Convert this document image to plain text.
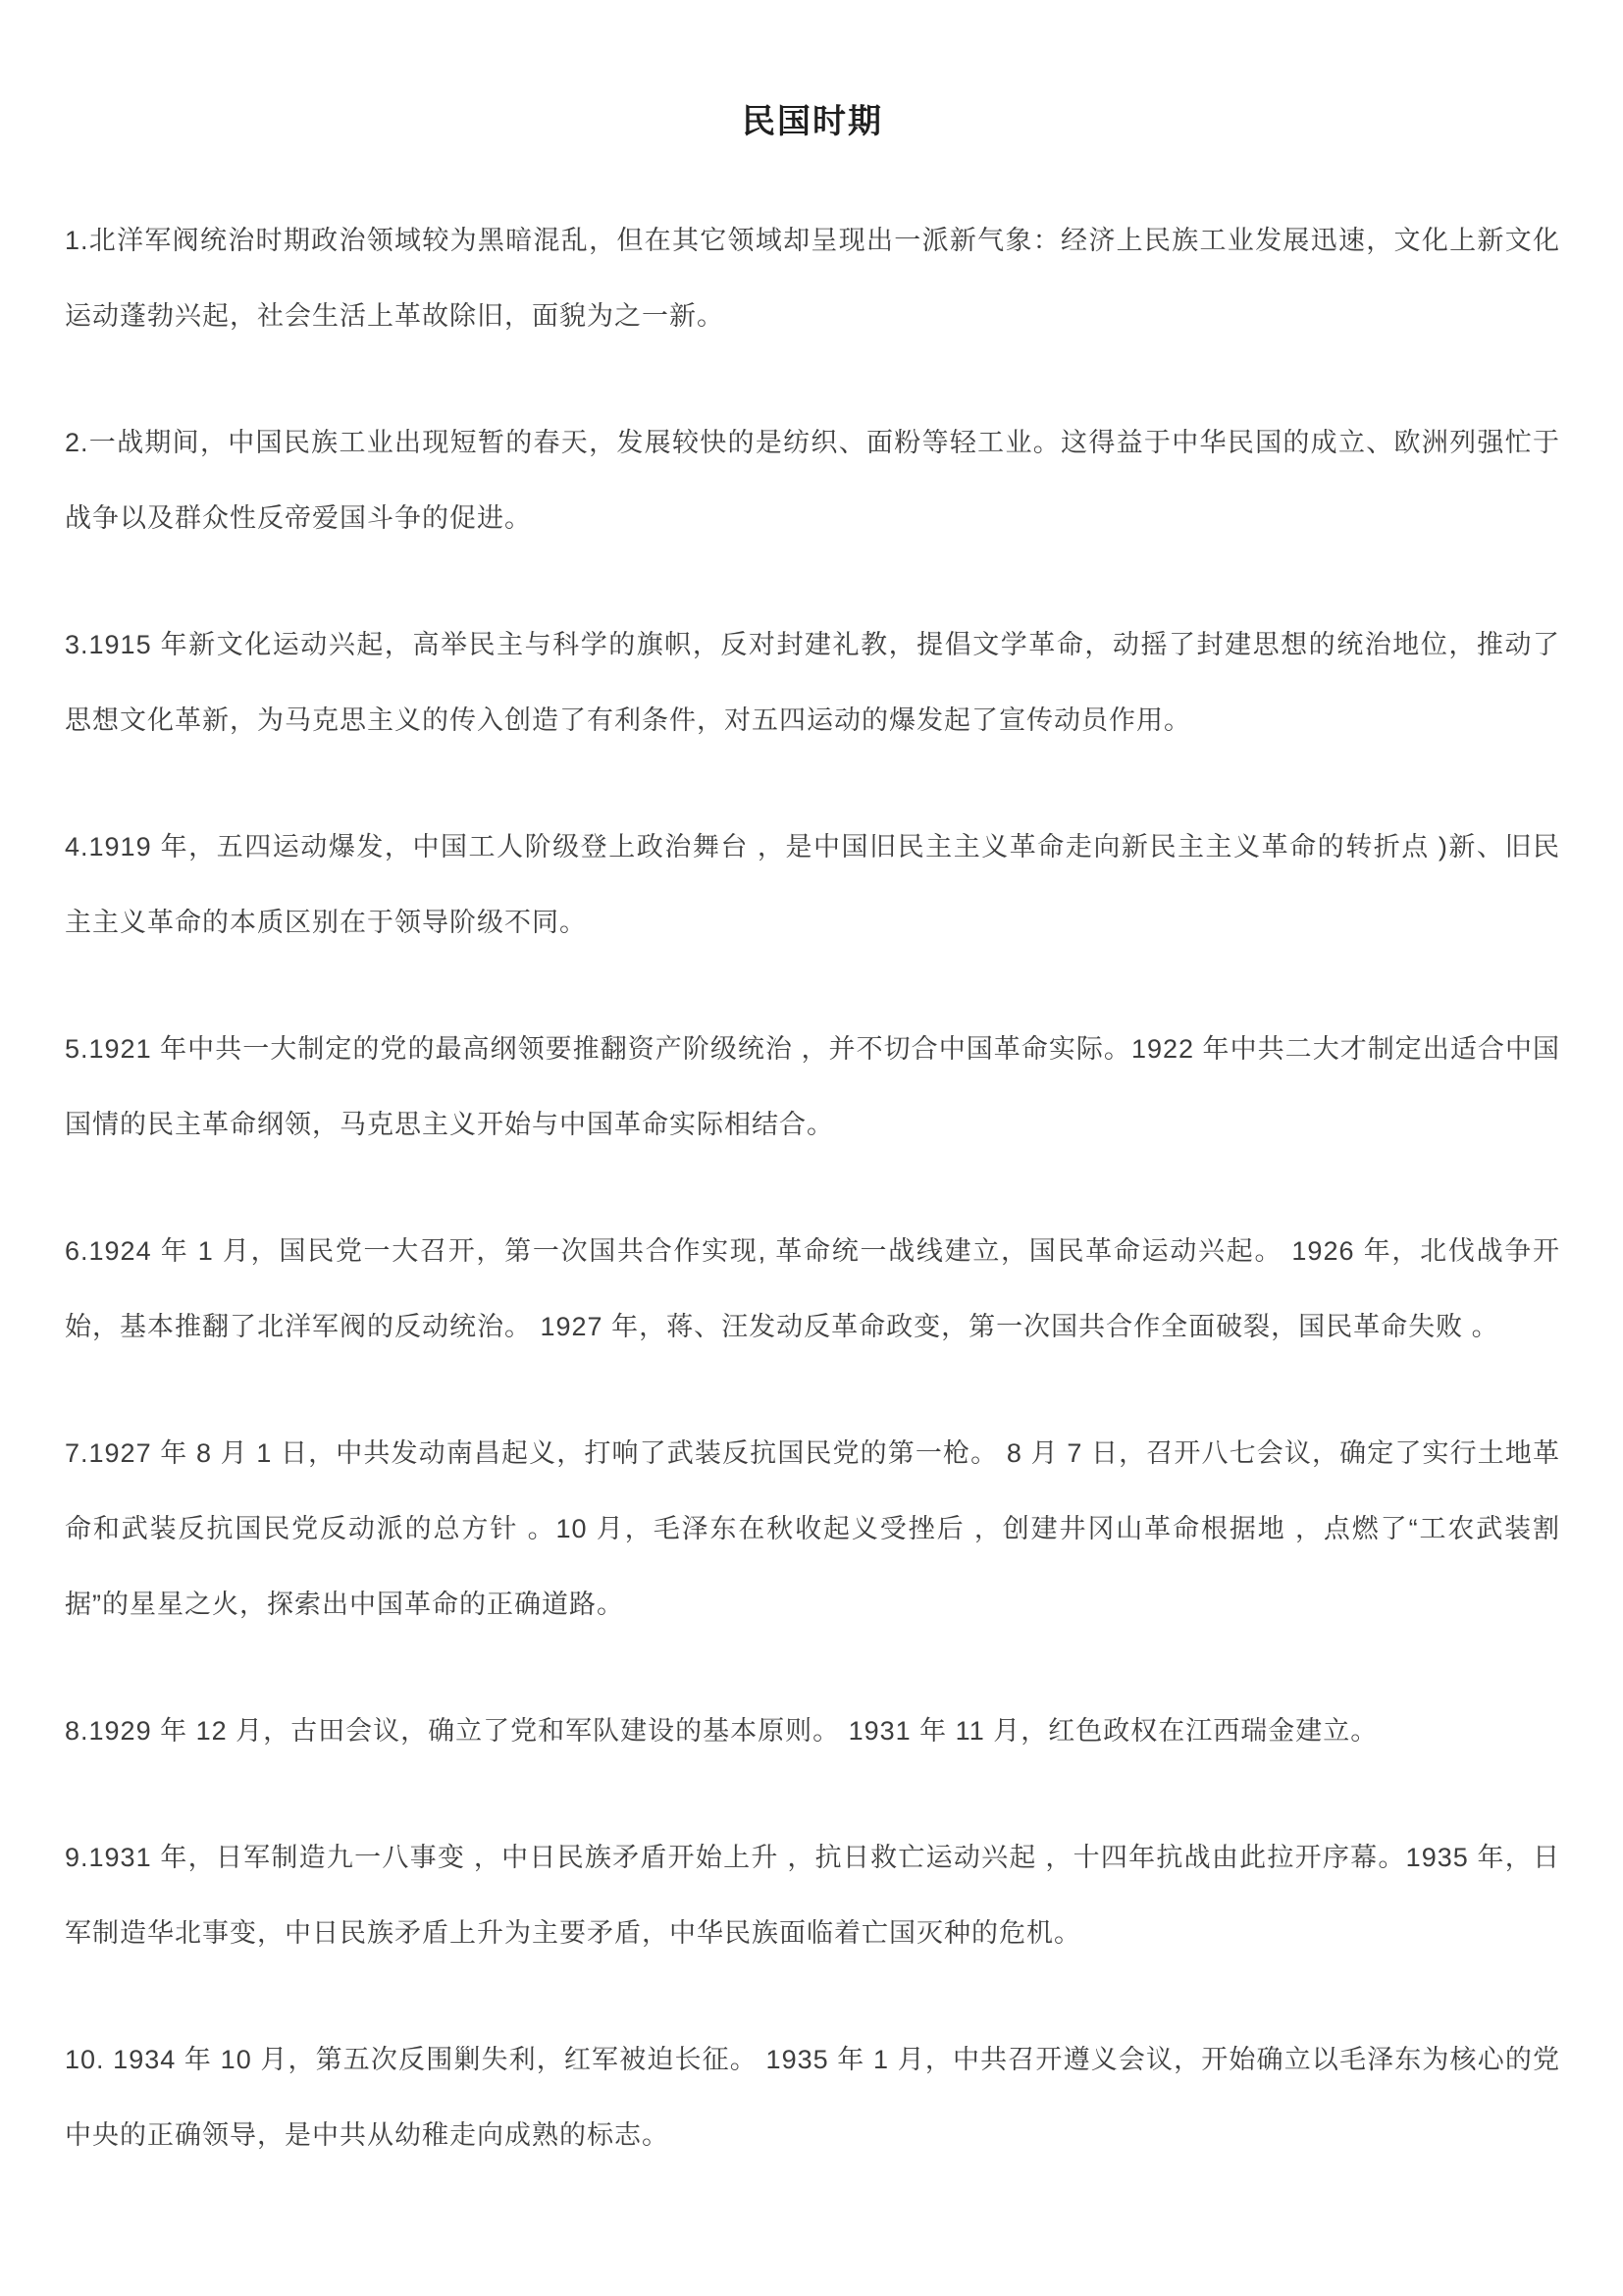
民国时期

1.北洋军阀统治时期政治领域较为黑暗混乱，但在其它领域却呈现出一派新气象：经济上民族工业发展迅速，文化上新文化运动蓬勃兴起，社会生活上革故除旧，面貌为之一新。

2.一战期间，中国民族工业出现短暂的春天，发展较快的是纺织、面粉等轻工业。这得益于中华民国的成立、欧洲列强忙于战争以及群众性反帝爱国斗争的促进。

3.1915 年新文化运动兴起，高举民主与科学的旗帜，反对封建礼教，提倡文学革命，动摇了封建思想的统治地位，推动了思想文化革新，为马克思主义的传入创造了有利条件，对五四运动的爆发起了宣传动员作用。

4.1919 年，五四运动爆发，中国工人阶级登上政治舞台 ，是中国旧民主主义革命走向新民主主义革命的转折点 )新、旧民主主义革命的本质区别在于领导阶级不同。

5.1921 年中共一大制定的党的最高纲领要推翻资产阶级统治 ，并不切合中国革命实际。1922 年中共二大才制定出适合中国国情的民主革命纲领，马克思主义开始与中国革命实际相结合。

6.1924 年 1 月，国民党一大召开，第一次国共合作实现, 革命统一战线建立，国民革命运动兴起。 1926 年，北伐战争开始，基本推翻了北洋军阀的反动统治。 1927 年，蒋、汪发动反革命政变，第一次国共合作全面破裂，国民革命失败 。

7.1927 年 8 月 1 日，中共发动南昌起义，打响了武装反抗国民党的第一枪。 8 月 7 日，召开八七会议，确定了实行土地革命和武装反抗国民党反动派的总方针 。10 月，毛泽东在秋收起义受挫后 ，创建井冈山革命根据地 ，点燃了“工农武装割据”的星星之火，探索出中国革命的正确道路。

8.1929 年 12 月，古田会议，确立了党和军队建设的基本原则。 1931 年 11 月，红色政权在江西瑞金建立。

9.1931 年，日军制造九一八事变 ，中日民族矛盾开始上升 ，抗日救亡运动兴起 ，十四年抗战由此拉开序幕。1935 年，日军制造华北事变，中日民族矛盾上升为主要矛盾，中华民族面临着亡国灭种的危机。

10. 1934 年 10 月，第五次反围剿失利，红军被迫长征。 1935 年 1 月，中共召开遵义会议，开始确立以毛泽东为核心的党中央的正确领导，是中共从幼稚走向成熟的标志。
